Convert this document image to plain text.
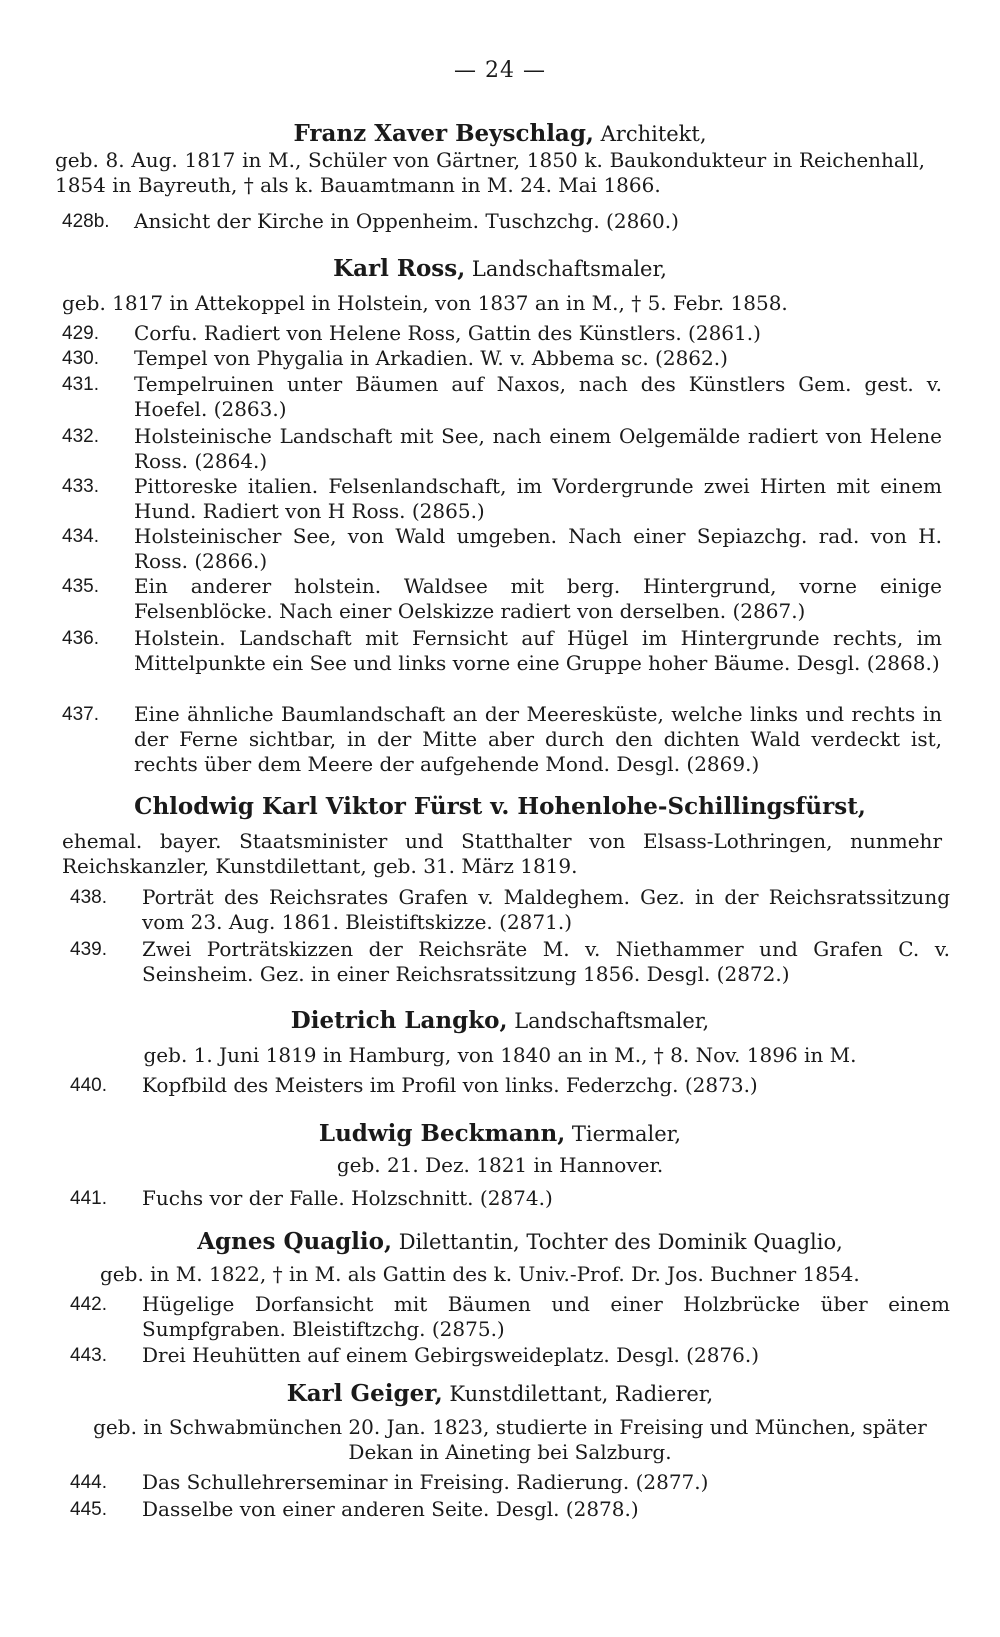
— 24 —
Franz Xaver Beyschlag, Architekt,
geb. 8. Aug. 1817 in M., Schüler von Gärtner, 1850 k. Baukondukteur in Reichenhall, 1854 in Bayreuth, † als k. Bauamtmann in M. 24. Mai 1866.
428b.	Ansicht der Kirche in Oppenheim. Tuschzchg. (2860.)
Karl Ross, Landschaftsmaler,
geb. 1817 in Attekoppel in Holstein, von 1837 an in M., † 5. Febr. 1858.
429.	Corfu. Radiert von Helene Ross, Gattin des Künstlers. (2861.)
430.	Tempel von Phygalia in Arkadien. W. v. Abbema sc. (2862.)
431.	Tempelruinen unter Bäumen auf Naxos, nach des Künstlers Gem. gest. v. Hoefel. (2863.)
432.	Holsteinische Landschaft mit See, nach einem Oelgemälde radiert von Helene Ross. (2864.)
433.	Pittoreske italien. Felsenlandschaft, im Vordergrunde zwei Hirten mit einem Hund. Radiert von H Ross. (2865.)
434.	Holsteinischer See, von Wald umgeben. Nach einer Sepiazchg. rad. von H. Ross. (2866.)
435.	Ein anderer holstein. Waldsee mit berg. Hintergrund, vorne einige Felsenblöcke. Nach einer Oelskizze radiert von derselben. (2867.)
436.	Holstein. Landschaft mit Fernsicht auf Hügel im Hintergrunde rechts, im Mittelpunkte ein See und links vorne eine Gruppe hoher Bäume. Desgl. (2868.)
437.	Eine ähnliche Baumlandschaft an der Meeresküste, welche links und rechts in der Ferne sichtbar, in der Mitte aber durch den dichten Wald verdeckt ist, rechts über dem Meere der aufgehende Mond. Desgl. (2869.)
Chlodwig Karl Viktor Fürst v. Hohenlohe-Schillingsfürst,
ehemal. bayer. Staatsminister und Statthalter von Elsass-Lothringen, nunmehr Reichskanzler, Kunstdilettant, geb. 31. März 1819.
438.	Porträt des Reichsrates Grafen v. Maldeghem. Gez. in der Reichsratssitzung vom 23. Aug. 1861. Bleistiftskizze. (2871.)
439.	Zwei Porträtskizzen der Reichsräte M. v. Niethammer und Grafen C. v. Seinsheim. Gez. in einer Reichsratssitzung 1856. Desgl. (2872.)
Dietrich Langko, Landschaftsmaler,
geb. 1. Juni 1819 in Hamburg, von 1840 an in M., † 8. Nov. 1896 in M.
440.	Kopfbild des Meisters im Profil von links. Federzchg. (2873.)
Ludwig Beckmann, Tiermaler,
geb. 21. Dez. 1821 in Hannover.
441.	Fuchs vor der Falle. Holzschnitt. (2874.)
Agnes Quaglio, Dilettantin, Tochter des Dominik Quaglio,
geb. in M. 1822, † in M. als Gattin des k. Univ.-Prof. Dr. Jos. Buchner 1854.
442.	Hügelige Dorfansicht mit Bäumen und einer Holzbrücke über einem Sumpfgraben. Bleistiftzchg. (2875.)
443.	Drei Heuhütten auf einem Gebirgsweideplatz. Desgl. (2876.)
Karl Geiger, Kunstdilettant, Radierer,
geb. in Schwabmünchen 20. Jan. 1823, studierte in Freising und München, später Dekan in Aineting bei Salzburg.
444.	Das Schullehrerseminar in Freising. Radierung. (2877.)
445.	Dasselbe von einer anderen Seite. Desgl. (2878.)
